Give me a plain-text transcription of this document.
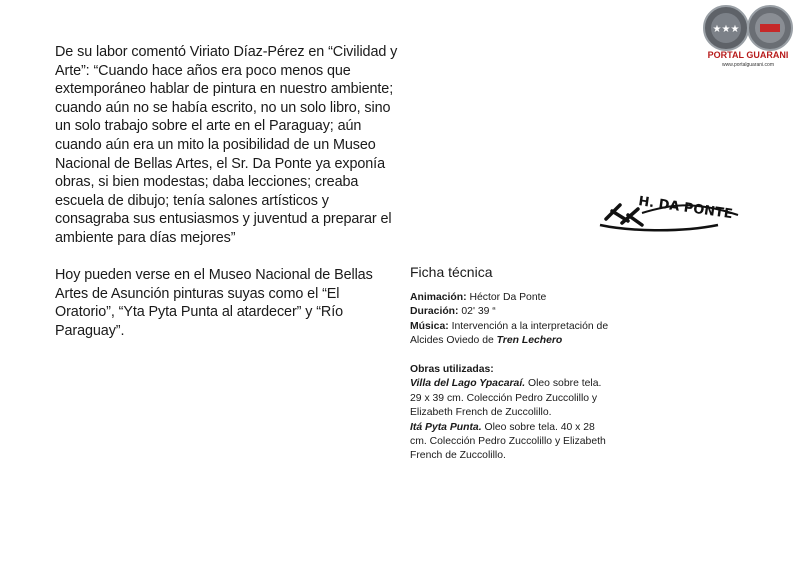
De su labor comentó Viriato Díaz-Pérez en “Civilidad y Arte”: “Cuando hace años era poco menos que extemporáneo hablar de pintura en nuestro ambiente; cuando aún no se había escrito, no un solo libro, sino un solo trabajo sobre el arte en el Paraguay; aún cuando aún era un mito la posibilidad de un Museo Nacional de Bellas Artes, el Sr. Da Ponte ya exponía obras, si bien modestas; daba lecciones; creaba escuela de dibujo; tenía salones artísticos y consagraba sus entusiasmos y juventud a preparar el ambiente para días mejores”

Hoy pueden verse en el Museo Nacional de Bellas Artes de Asunción pinturas suyas como el “El Oratorio”, “Yta Pyta Punta al atardecer” y “Río Paraguay”.

★★★
PORTAL GUARANI
www.portalguarani.com
H. DA PONTE
Ficha técnica
Animación: Héctor Da Ponte
Duración: 02' 39 “
Música: Intervención a la interpretación de Alcides Oviedo de Tren Lechero
Obras utilizadas:
Villa del Lago Ypacaraí. Oleo sobre tela. 29 x 39 cm. Colección Pedro Zuccolillo y Elizabeth French de Zuccolillo.
Itá Pyta Punta. Oleo sobre tela. 40 x 28 cm. Colección Pedro Zuccolillo y Elizabeth French de Zuccolillo.
